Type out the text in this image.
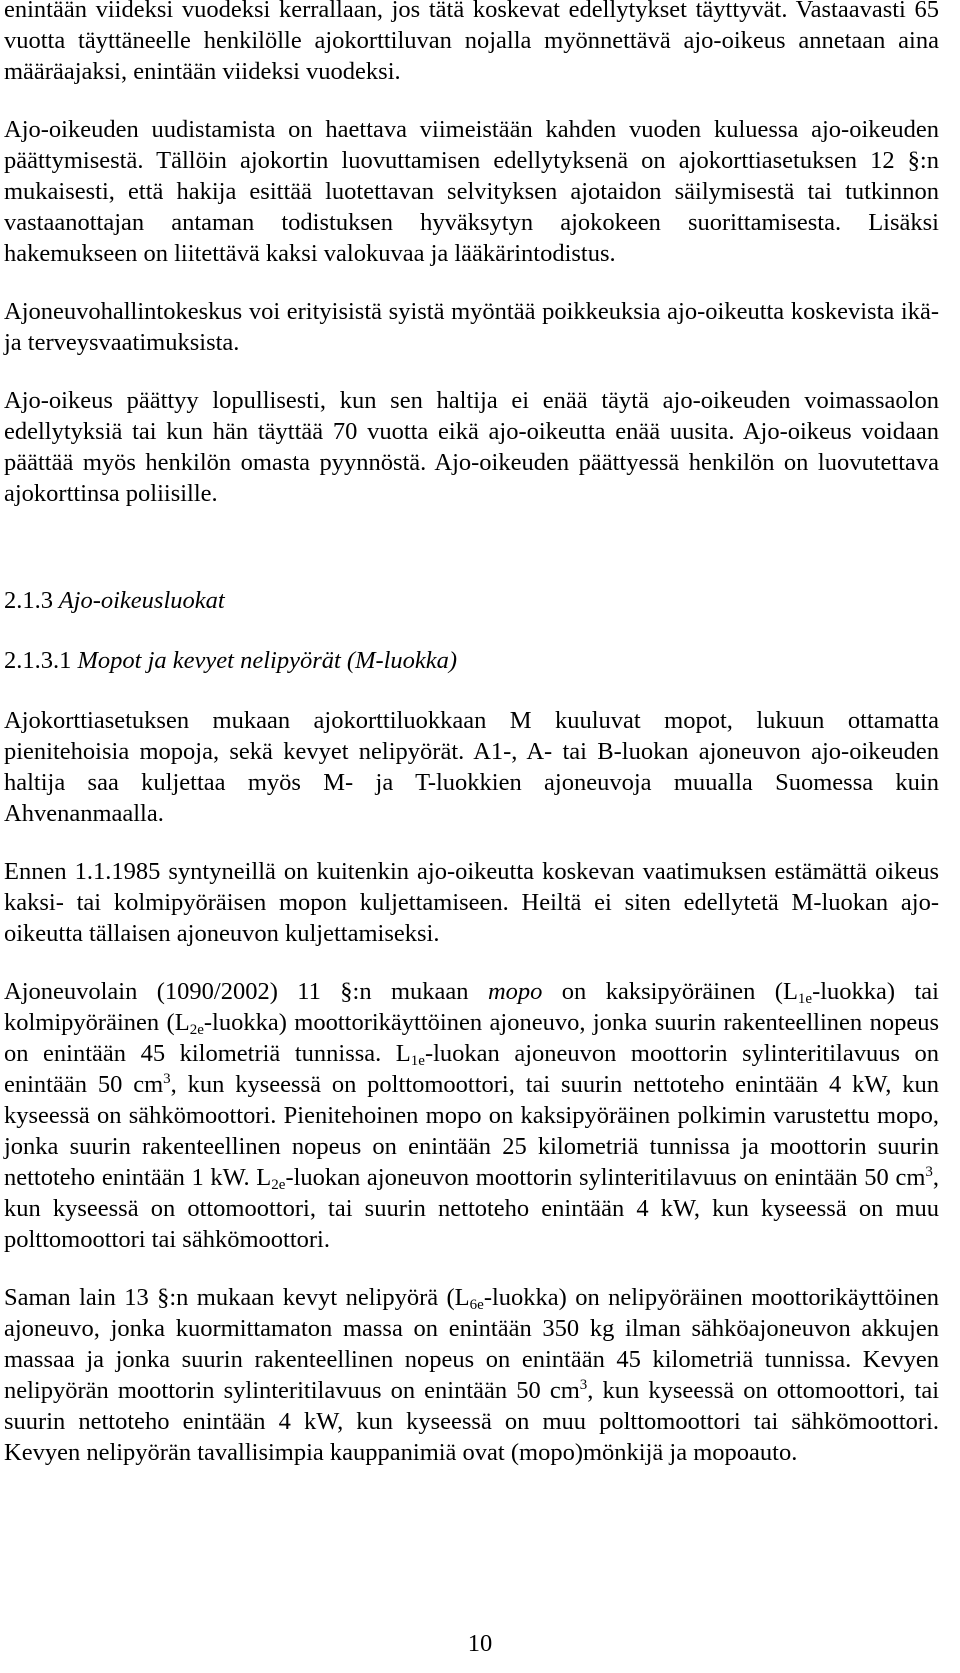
enintään viideksi vuodeksi kerrallaan, jos tätä koskevat edellytykset täyttyvät. Vastaavasti 65 vuotta täyttäneelle henkilölle ajokorttiluvan nojalla myönnettävä ajo-oikeus annetaan aina määräajaksi, enintään viideksi vuodeksi.

Ajo-oikeuden uudistamista on haettava viimeistään kahden vuoden kuluessa ajo-oikeuden päättymisestä. Tällöin ajokortin luovuttamisen edellytyksenä on ajokorttiasetuksen 12 §:n mukaisesti, että hakija esittää luotettavan selvityksen ajotaidon säilymisestä tai tutkinnon vastaanottajan antaman todistuksen hyväksytyn ajokokeen suorittamisesta. Lisäksi hakemukseen on liitettävä kaksi valokuvaa ja lääkärintodistus.

Ajoneuvohallintokeskus voi erityisistä syistä myöntää poikkeuksia ajo-oikeutta koskevista ikä- ja terveysvaatimuksista.

Ajo-oikeus päättyy lopullisesti, kun sen haltija ei enää täytä ajo-oikeuden voimassaolon edellytyksiä tai kun hän täyttää 70 vuotta eikä ajo-oikeutta enää uusita. Ajo-oikeus voidaan päättää myös henkilön omasta pyynnöstä. Ajo-oikeuden päättyessä henkilön on luovutettava ajokorttinsa poliisille.

2.1.3 Ajo-oikeusluokat
2.1.3.1 Mopot ja kevyet nelipyörät (M-luokka)

Ajokorttiasetuksen mukaan ajokorttiluokkaan M kuuluvat mopot, lukuun ottamatta pienitehoisia mopoja, sekä kevyet nelipyörät. A1-, A- tai B-luokan ajoneuvon ajo-oikeuden haltija saa kuljettaa myös M- ja T-luokkien ajoneuvoja muualla Suomessa kuin Ahvenanmaalla.

Ennen 1.1.1985 syntyneillä on kuitenkin ajo-oikeutta koskevan vaatimuksen estämättä oikeus kaksi- tai kolmipyöräisen mopon kuljettamiseen. Heiltä ei siten edellytetä M-luokan ajo-oikeutta tällaisen ajoneuvon kuljettamiseksi.

Ajoneuvolain (1090/2002) 11 §:n mukaan mopo on kaksipyöräinen $(L_{1e}-luokka)$ tai kolmipyöräinen $(L_{2e}-luokka)$ moottorikäyttöinen ajoneuvo, jonka suurin rakenteellinen nopeus on enintään 45 kilometriä tunnissa. $L_{1e}$-luokan ajoneuvon moottorin sylinteritilavuus on enintään 50 $cm^3$, kun kyseessä on polttomoottori, tai suurin nettoteho enintään 4 kW, kun kyseessä on sähkömoottori. Pienitehoinen mopo on kaksipyöräinen polkimin varustettu mopo, jonka suurin rakenteellinen nopeus on enintään 25 kilometriä tunnissa ja moottorin suurin nettoteho enintään 1 kW. $L_{2e}$-luokan ajoneuvon moottorin sylinteritilavuus on enintään 50 $cm^3$, kun kyseessä on ottomoottori, tai suurin nettoteho enintään 4 kW, kun kyseessä on muu polttomoottori tai sähkömoottori.

Saman lain 13 §:n mukaan kevyt nelipyörä $(L_{6e}-luokka)$ on nelipyöräinen moottorikäyttöinen ajoneuvo, jonka kuormittamaton massa on enintään 350 kg ilman sähköajoneuvon akkujen massaa ja jonka suurin rakenteellinen nopeus on enintään 45 kilometriä tunnissa. Kevyen nelipyörän moottorin sylinteritilavuus on enintään 50 $cm^3$, kun kyseessä on ottomoottori, tai suurin nettoteho enintään 4 kW, kun kyseessä on muu polttomoottori tai sähkömoottori. Kevyen nelipyörän tavallisimpia kauppanimiä ovat (mopo)mönkijä ja mopoauto.

10
